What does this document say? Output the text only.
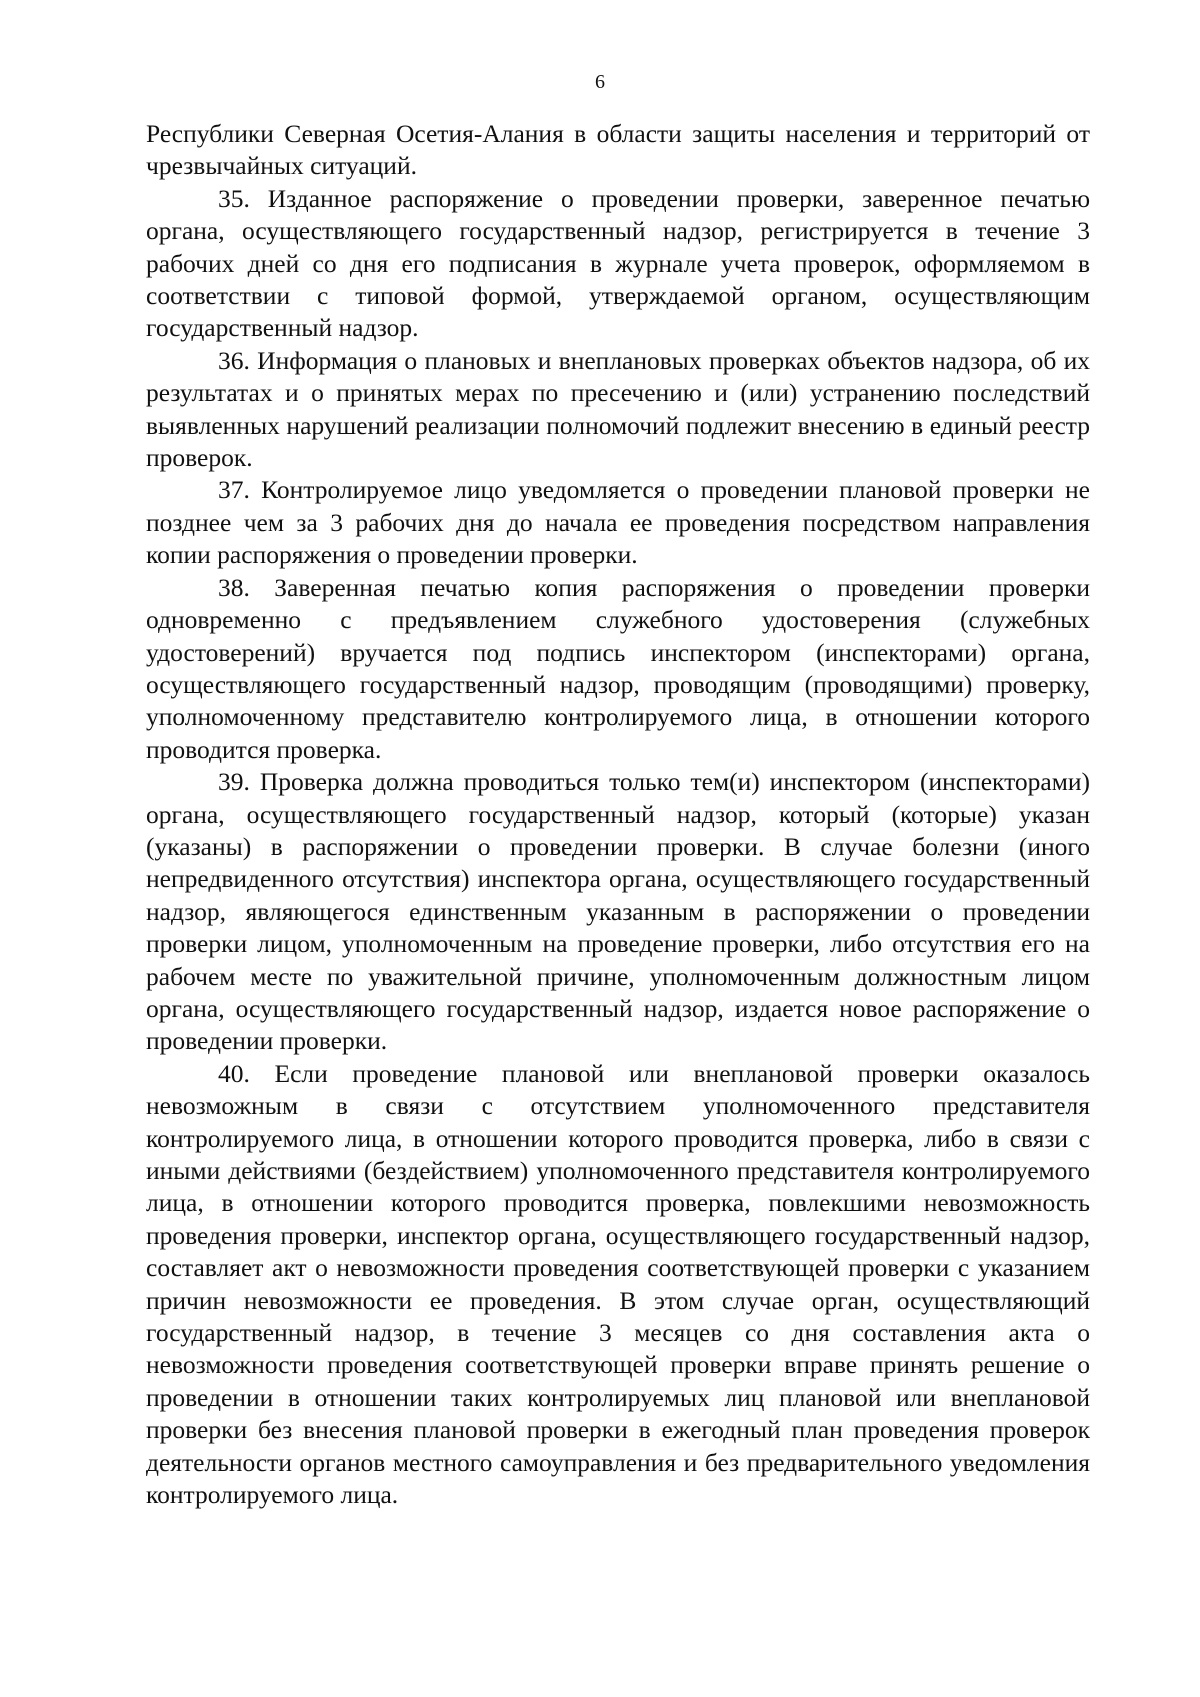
6

Республики Северная Осетия-Алания в области защиты населения и территорий от чрезвычайных ситуаций.

35. Изданное распоряжение о проведении проверки, заверенное печатью органа, осуществляющего государственный надзор, регистрируется в течение 3 рабочих дней со дня его подписания в журнале учета проверок, оформляемом в соответствии с типовой формой, утверждаемой органом, осуществляющим государственный надзор.

36. Информация о плановых и внеплановых проверках объектов надзора, об их результатах и о принятых мерах по пресечению и (или) устранению последствий выявленных нарушений реализации полномочий подлежит внесению в единый реестр проверок.

37. Контролируемое лицо уведомляется о проведении плановой проверки не позднее чем за 3 рабочих дня до начала ее проведения посредством направления копии распоряжения о проведении проверки.

38. Заверенная печатью копия распоряжения о проведении проверки одновременно с предъявлением служебного удостоверения (служебных удостоверений) вручается под подпись инспектором (инспекторами) органа, осуществляющего государственный надзор, проводящим (проводящими) проверку, уполномоченному представителю контролируемого лица, в отношении которого проводится проверка.

39. Проверка должна проводиться только тем(и) инспектором (инспекторами) органа, осуществляющего государственный надзор, который (которые) указан (указаны) в распоряжении о проведении проверки. В случае болезни (иного непредвиденного отсутствия) инспектора органа, осуществляющего государственный надзор, являющегося единственным указанным в распоряжении о проведении проверки лицом, уполномоченным на проведение проверки, либо отсутствия его на рабочем месте по уважительной причине, уполномоченным должностным лицом органа, осуществляющего государственный надзор, издается новое распоряжение о проведении проверки.

40. Если проведение плановой или внеплановой проверки оказалось невозможным в связи с отсутствием уполномоченного представителя контролируемого лица, в отношении которого проводится проверка, либо в связи с иными действиями (бездействием) уполномоченного представителя контролируемого лица, в отношении которого проводится проверка, повлекшими невозможность проведения проверки, инспектор органа, осуществляющего государственный надзор, составляет акт о невозможности проведения соответствующей проверки с указанием причин невозможности ее проведения. В этом случае орган, осуществляющий государственный надзор, в течение 3 месяцев со дня составления акта о невозможности проведения соответствующей проверки вправе принять решение о проведении в отношении таких контролируемых лиц плановой или внеплановой проверки без внесения плановой проверки в ежегодный план проведения проверок деятельности органов местного самоуправления и без предварительного уведомления контролируемого лица.
